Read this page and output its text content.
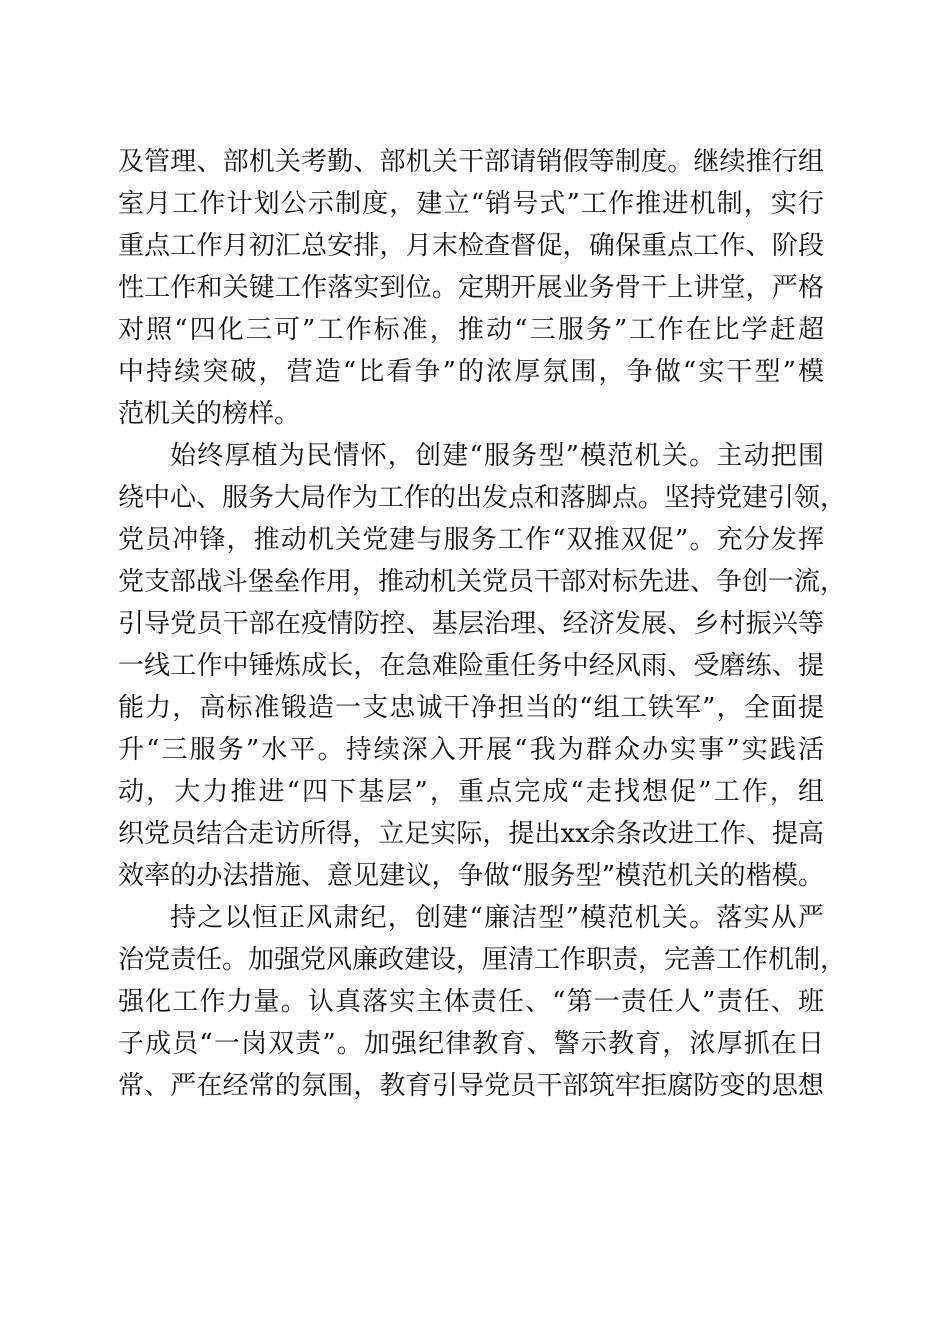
及管理、部机关考勤、部机关干部请销假等制度。继续推行组
室月工作计划公示制度，建立“销号式”工作推进机制，实行
重点工作月初汇总安排，月末检查督促，确保重点工作、阶段
性工作和关键工作落实到位。定期开展业务骨干上讲堂，严格
对照“四化三可”工作标准，推动“三服务”工作在比学赶超
中持续突破，营造“比看争”的浓厚氛围，争做“实干型”模
范机关的榜样。
始终厚植为民情怀，创建“服务型”模范机关。主动把围
绕中心、服务大局作为工作的出发点和落脚点。坚持党建引领，
党员冲锋，推动机关党建与服务工作“双推双促”。充分发挥
党支部战斗堡垒作用，推动机关党员干部对标先进、争创一流，
引导党员干部在疫情防控、基层治理、经济发展、乡村振兴等
一线工作中锤炼成长，在急难险重任务中经风雨、受磨练、提
能力，高标准锻造一支忠诚干净担当的“组工铁军”，全面提
升“三服务”水平。持续深入开展“我为群众办实事”实践活
动，大力推进“四下基层”，重点完成“走找想促”工作，组
织党员结合走访所得，立足实际，提出xx余条改进工作、提高
效率的办法措施、意见建议，争做“服务型”模范机关的楷模。
持之以恒正风肃纪，创建“廉洁型”模范机关。落实从严
治党责任。加强党风廉政建设，厘清工作职责，完善工作机制，
强化工作力量。认真落实主体责任、“第一责任人”责任、班
子成员“一岗双责”。加强纪律教育、警示教育，浓厚抓在日
常、严在经常的氛围，教育引导党员干部筑牢拒腐防变的思想
